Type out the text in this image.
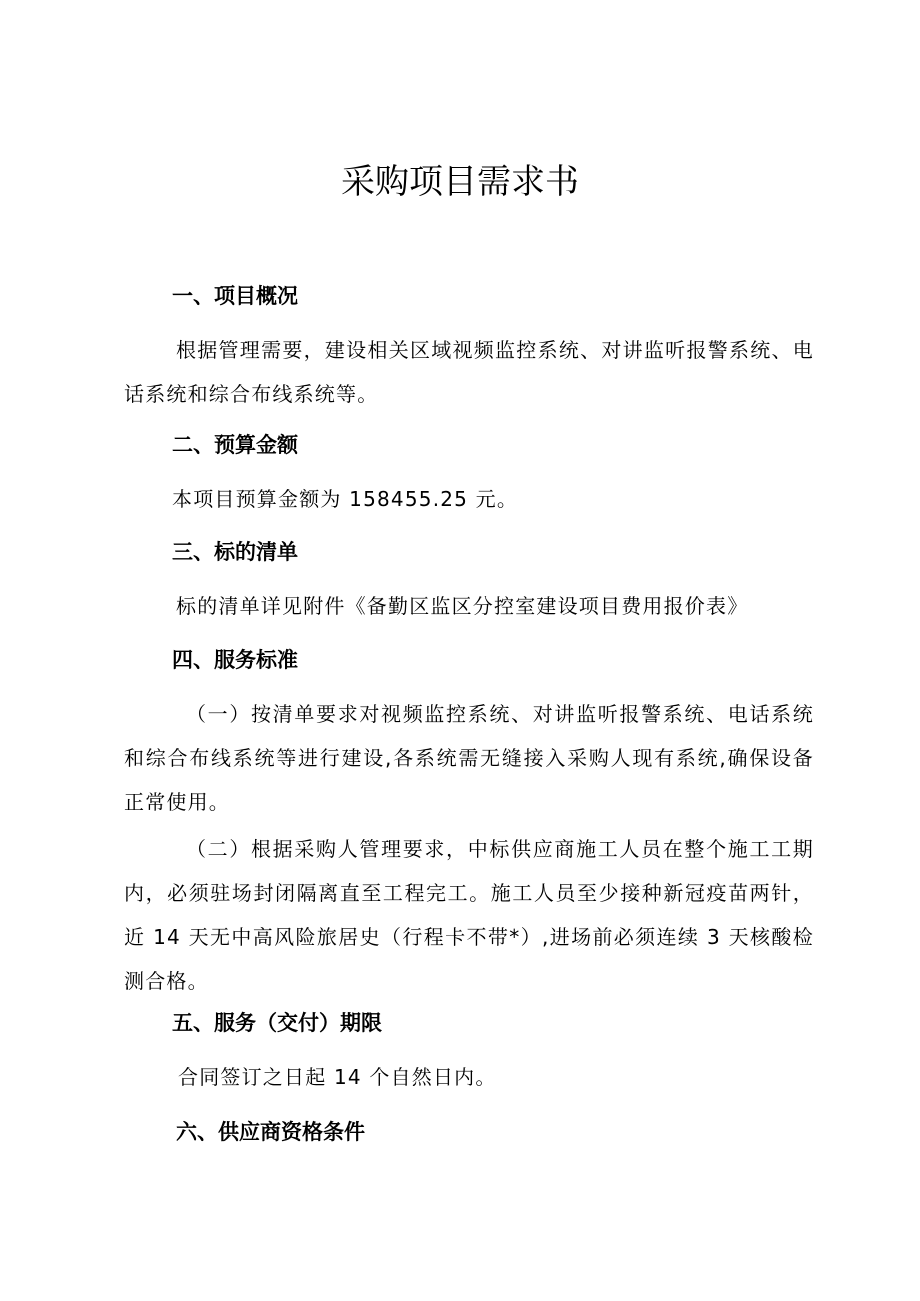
采购项目需求书
一、项目概况
根据管理需要，建设相关区域视频监控系统、对讲监听报警系统、电话系统和综合布线系统等。
二、预算金额
本项目预算金额为 158455.25 元。
三、标的清单
标的清单详见附件《备勤区监区分控室建设项目费用报价表》
四、服务标准
（一）按清单要求对视频监控系统、对讲监听报警系统、电话系统和综合布线系统等进行建设,各系统需无缝接入采购人现有系统,确保设备正常使用。
（二）根据采购人管理要求，中标供应商施工人员在整个施工工期内，必须驻场封闭隔离直至工程完工。施工人员至少接种新冠疫苗两针，近 14 天无中高风险旅居史（行程卡不带*）,进场前必须连续 3 天核酸检测合格。
五、服务（交付）期限
合同签订之日起 14 个自然日内。
六、供应商资格条件
